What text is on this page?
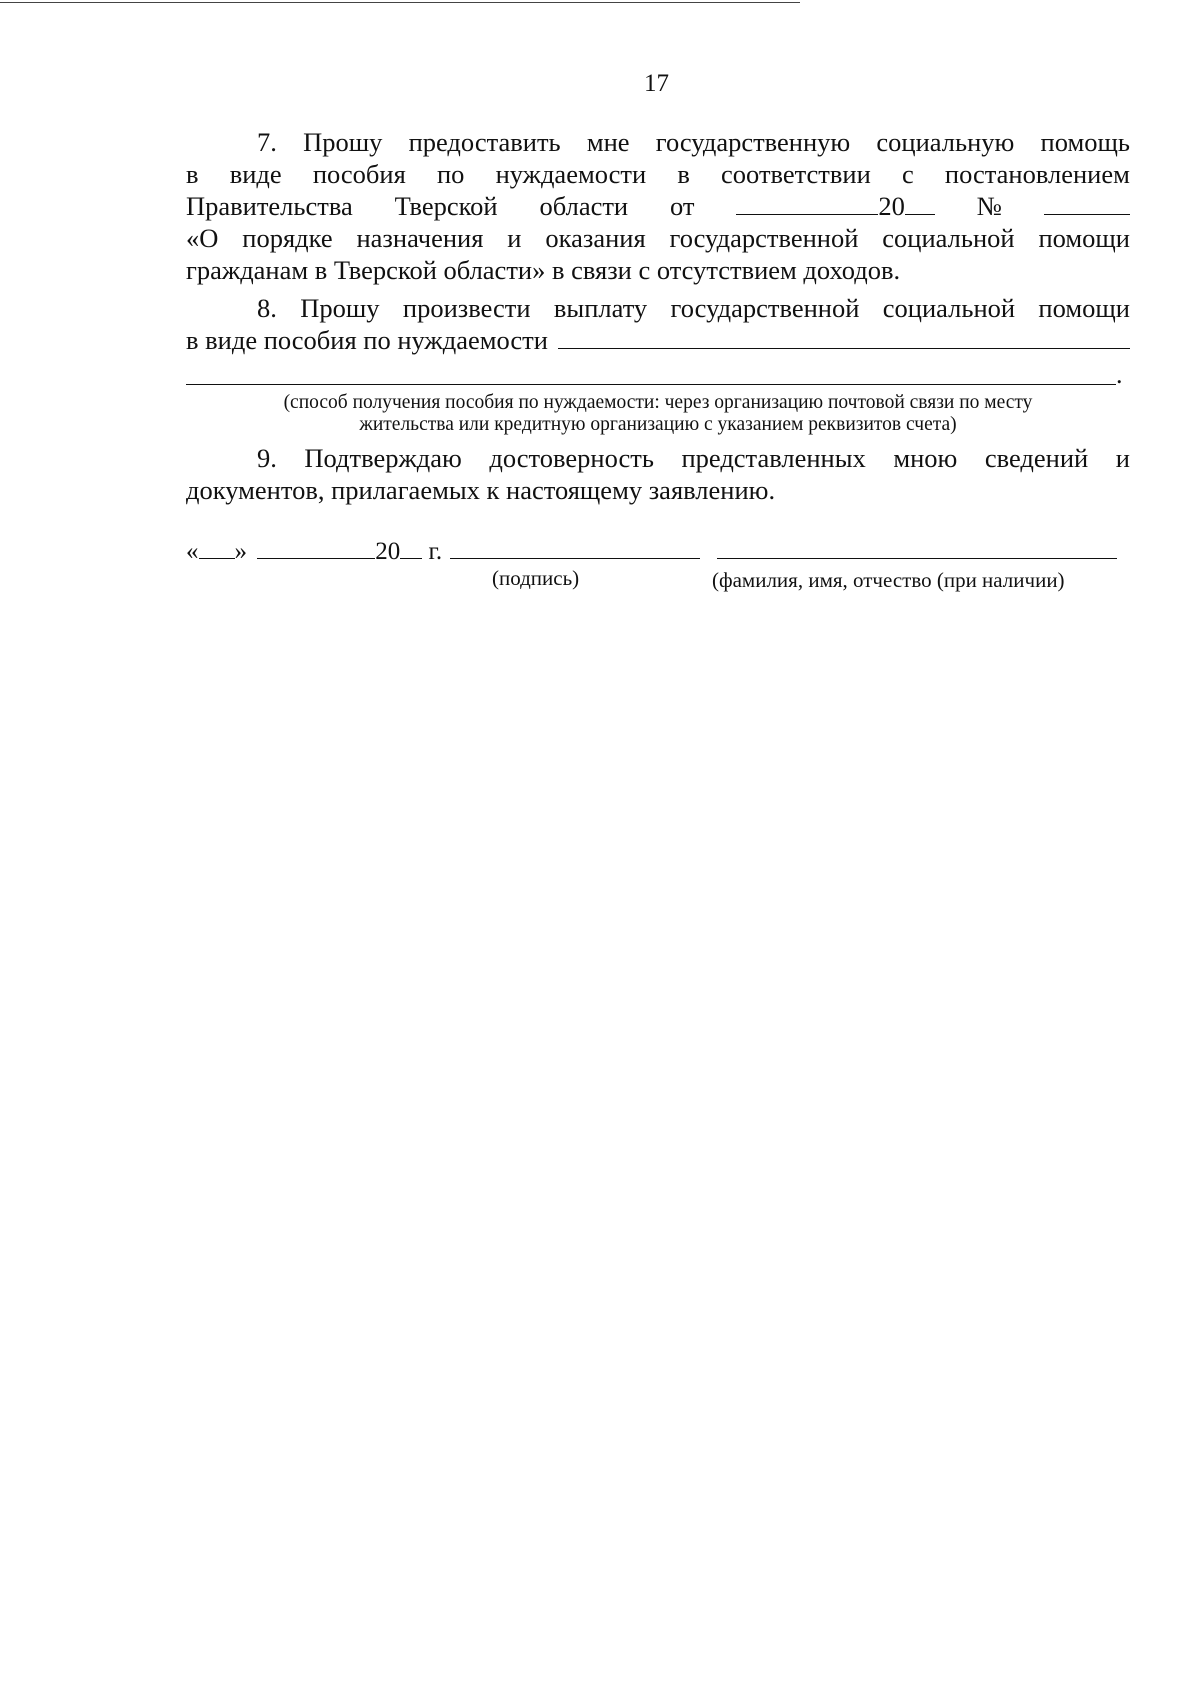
17
7. Прошу предоставить мне государственную социальную помощь
в виде пособия по нуждаемости в соответствии с постановлением
Правительства Тверской области от	20	№
«О порядке назначения и оказания государственной социальной помощи
гражданам в Тверской области» в связи с отсутствием доходов.
8. Прошу произвести выплату государственной социальной помощи
в виде пособия по нуждаемости
.
(способ получения пособия по нуждаемости: через организацию почтовой связи по месту
жительства или кредитную организацию с указанием реквизитов счета)
9. Подтверждаю достоверность представленных мною сведений и
документов, прилагаемых к настоящему заявлению.
« »	20 г.
(подпись)	(фамилия, имя, отчество (при наличии)
